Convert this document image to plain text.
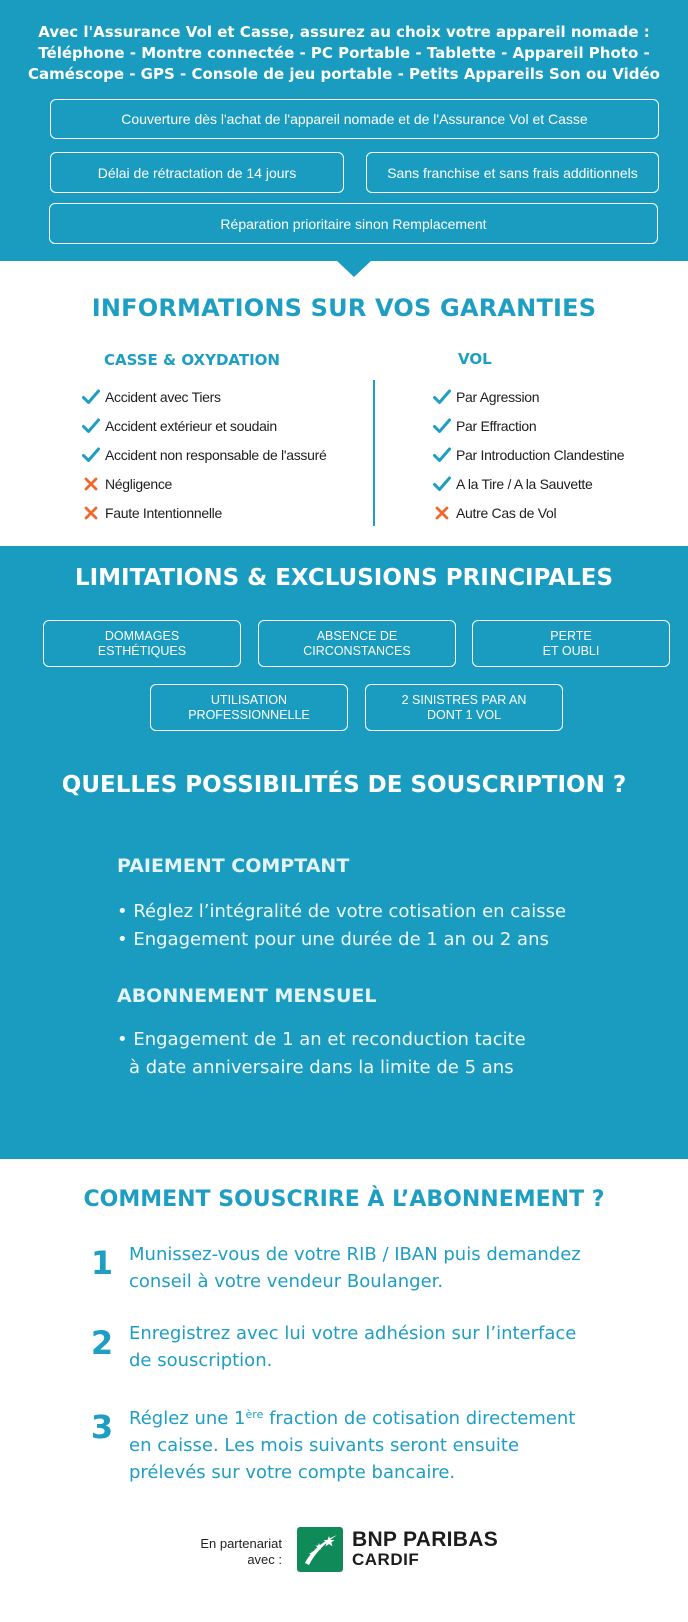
Avec l'Assurance Vol et Casse, assurez au choix votre appareil nomade :
Téléphone - Montre connectée - PC Portable - Tablette - Appareil Photo -
Caméscope - GPS - Console de jeu portable - Petits Appareils Son ou Vidéo
Couverture dès l'achat de l'appareil nomade et de l'Assurance Vol et Casse
Délai de rétractation de 14 jours	Sans franchise et sans frais additionnels
Réparation prioritaire sinon Remplacement
INFORMATIONS SUR VOS GARANTIES
CASSE & OXYDATION	VOL
Accident avec Tiers
Accident extérieur et soudain
Accident non responsable de l'assuré
Négligence
Faute Intentionnelle
Par Agression
Par Effraction
Par Introduction Clandestine
A la Tire / A la Sauvette
Autre Cas de Vol
LIMITATIONS & EXCLUSIONS PRINCIPALES
DOMMAGES
ESTHÉTIQUES
ABSENCE DE
CIRCONSTANCES
PERTE
ET OUBLI
UTILISATION
PROFESSIONNELLE
2 SINISTRES PAR AN
DONT 1 VOL
QUELLES POSSIBILITÉS DE SOUSCRIPTION ?
PAIEMENT COMPTANT
• Réglez l’intégralité de votre cotisation en caisse
• Engagement pour une durée de 1 an ou 2 ans
ABONNEMENT MENSUEL
• Engagement de 1 an et reconduction tacite
à date anniversaire dans la limite de 5 ans
COMMENT SOUSCRIRE À L’ABONNEMENT ?
1 Munissez-vous de votre RIB / IBAN puis demandez
conseil à votre vendeur Boulanger.
2 Enregistrez avec lui votre adhésion sur l’interface
de souscription.
3 Réglez une 1ère fraction de cotisation directement
en caisse. Les mois suivants seront ensuite
prélevés sur votre compte bancaire.
En partenariat
avec :
BNP PARIBAS
CARDIF
